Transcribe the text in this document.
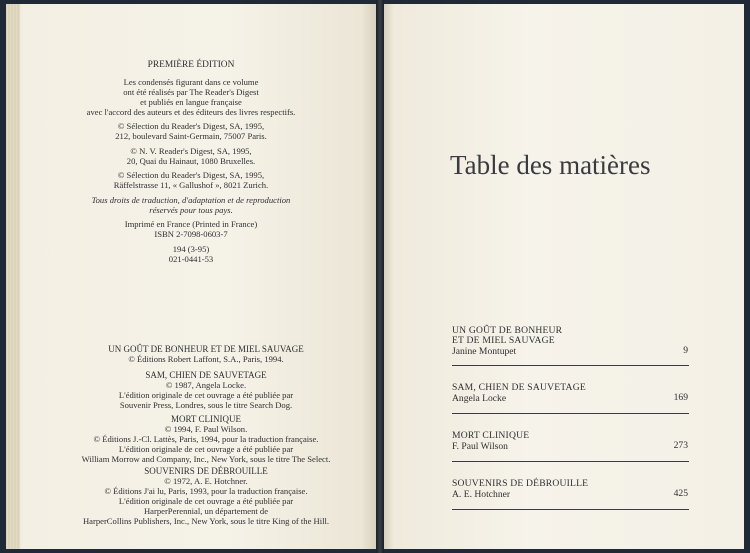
PREMIÈRE ÉDITION
Les condensés figurant dans ce volume
ont été réalisés par The Reader's Digest
et publiés en langue française
avec l'accord des auteurs et des éditeurs des livres respectifs.
© Sélection du Reader's Digest, SA, 1995,
212, boulevard Saint-Germain, 75007 Paris.
© N. V. Reader's Digest, SA, 1995,
20, Quai du Hainaut, 1080 Bruxelles.
© Sélection du Reader's Digest, SA, 1995,
Räffelstrasse 11, « Gallushof », 8021 Zurich.
Tous droits de traduction, d'adaptation et de reproduction
réservés pour tous pays.
Imprimé en France (Printed in France)
ISBN 2-7098-0603-7
194 (3-95)
021-0441-53
UN GOÛT DE BONHEUR ET DE MIEL SAUVAGE
© Éditions Robert Laffont, S.A., Paris, 1994.
SAM, CHIEN DE SAUVETAGE
© 1987, Angela Locke.
L'édition originale de cet ouvrage a été publiée par
Souvenir Press, Londres, sous le titre Search Dog.
MORT CLINIQUE
© 1994, F. Paul Wilson.
© Éditions J.-Cl. Lattès, Paris, 1994, pour la traduction française.
L'édition originale de cet ouvrage a été publiée par
William Morrow and Company, Inc., New York, sous le titre The Select.
SOUVENIRS DE DÉBROUILLE
© 1972, A. E. Hotchner.
© Éditions J'ai lu, Paris, 1993, pour la traduction française.
L'édition originale de cet ouvrage a été publiée par
HarperPerennial, un département de
HarperCollins Publishers, Inc., New York, sous le titre King of the Hill.
Table des matières
UN GOÛT DE BONHEUR
ET DE MIEL SAUVAGE
Janine Montupet	9
SAM, CHIEN DE SAUVETAGE
Angela Locke	169
MORT CLINIQUE
F. Paul Wilson	273
SOUVENIRS DE DÉBROUILLE
A. E. Hotchner	425
